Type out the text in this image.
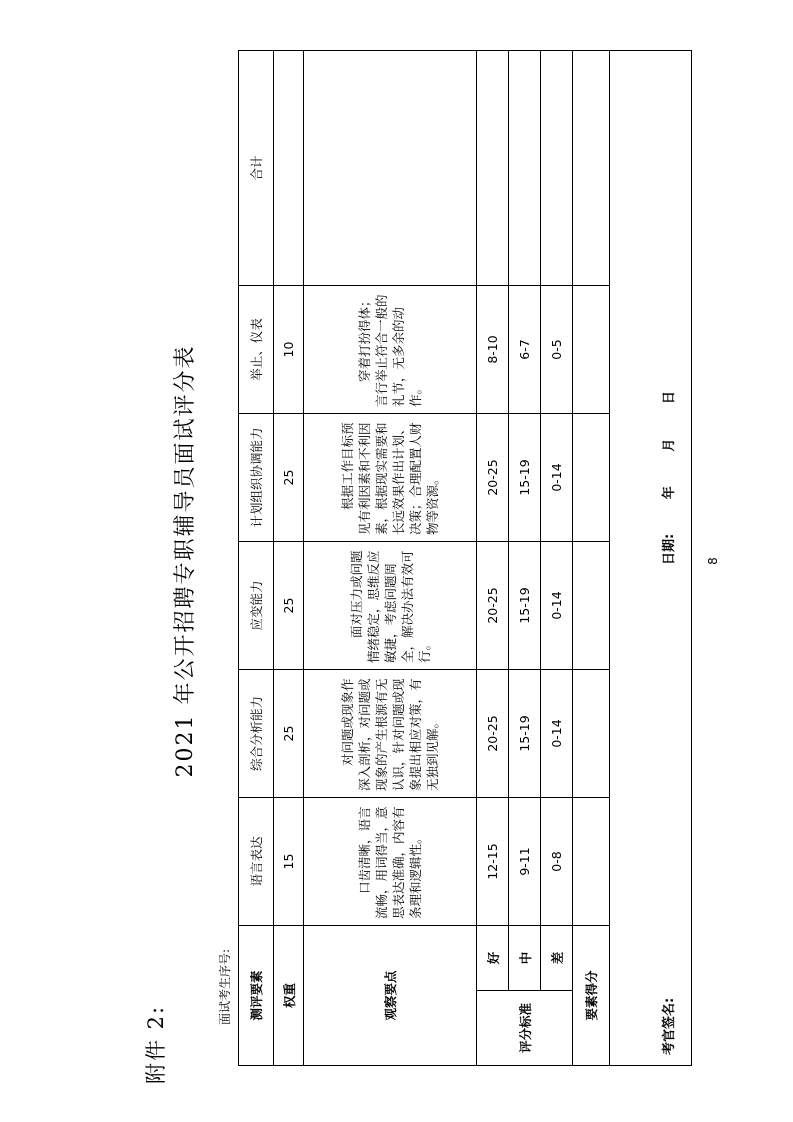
附件 2:
2021 年公开招聘专职辅导员面试评分表
面试考生序号: 测评要素		语言表达	综合分析能力	应变能力	计划组织协调能力	举止、仪表	合计
权重		15	25	25	25	10	
观察要点		口齿清晰，语言流畅，用词得当，意思表达准确，内容有条理和逻辑性。	对问题或现象作深入剖析，对问题或现象的产生根源有无认识，针对问题或现象提出相应对策，有无独到见解。	面对压力或问题情绪稳定，思维反应敏捷，考虑问题周全，解决办法有效可行。	根据工作目标预见有利因素和不利因素，根据现实需要和长远效果作出计划、决策；合理配置人财物等资源。	穿着打扮得体；言行举止符合一般的礼节，无多余的动作。	

评分标准	好	12-15	20-25	20-25	20-25	8-10	
	中	9-11	15-19	15-19	15-19	6-7	
	差	0-8	0-14	0-14	0-14	0-5	
要素得分							

考官签名:
日期: 年 月 日							
8
